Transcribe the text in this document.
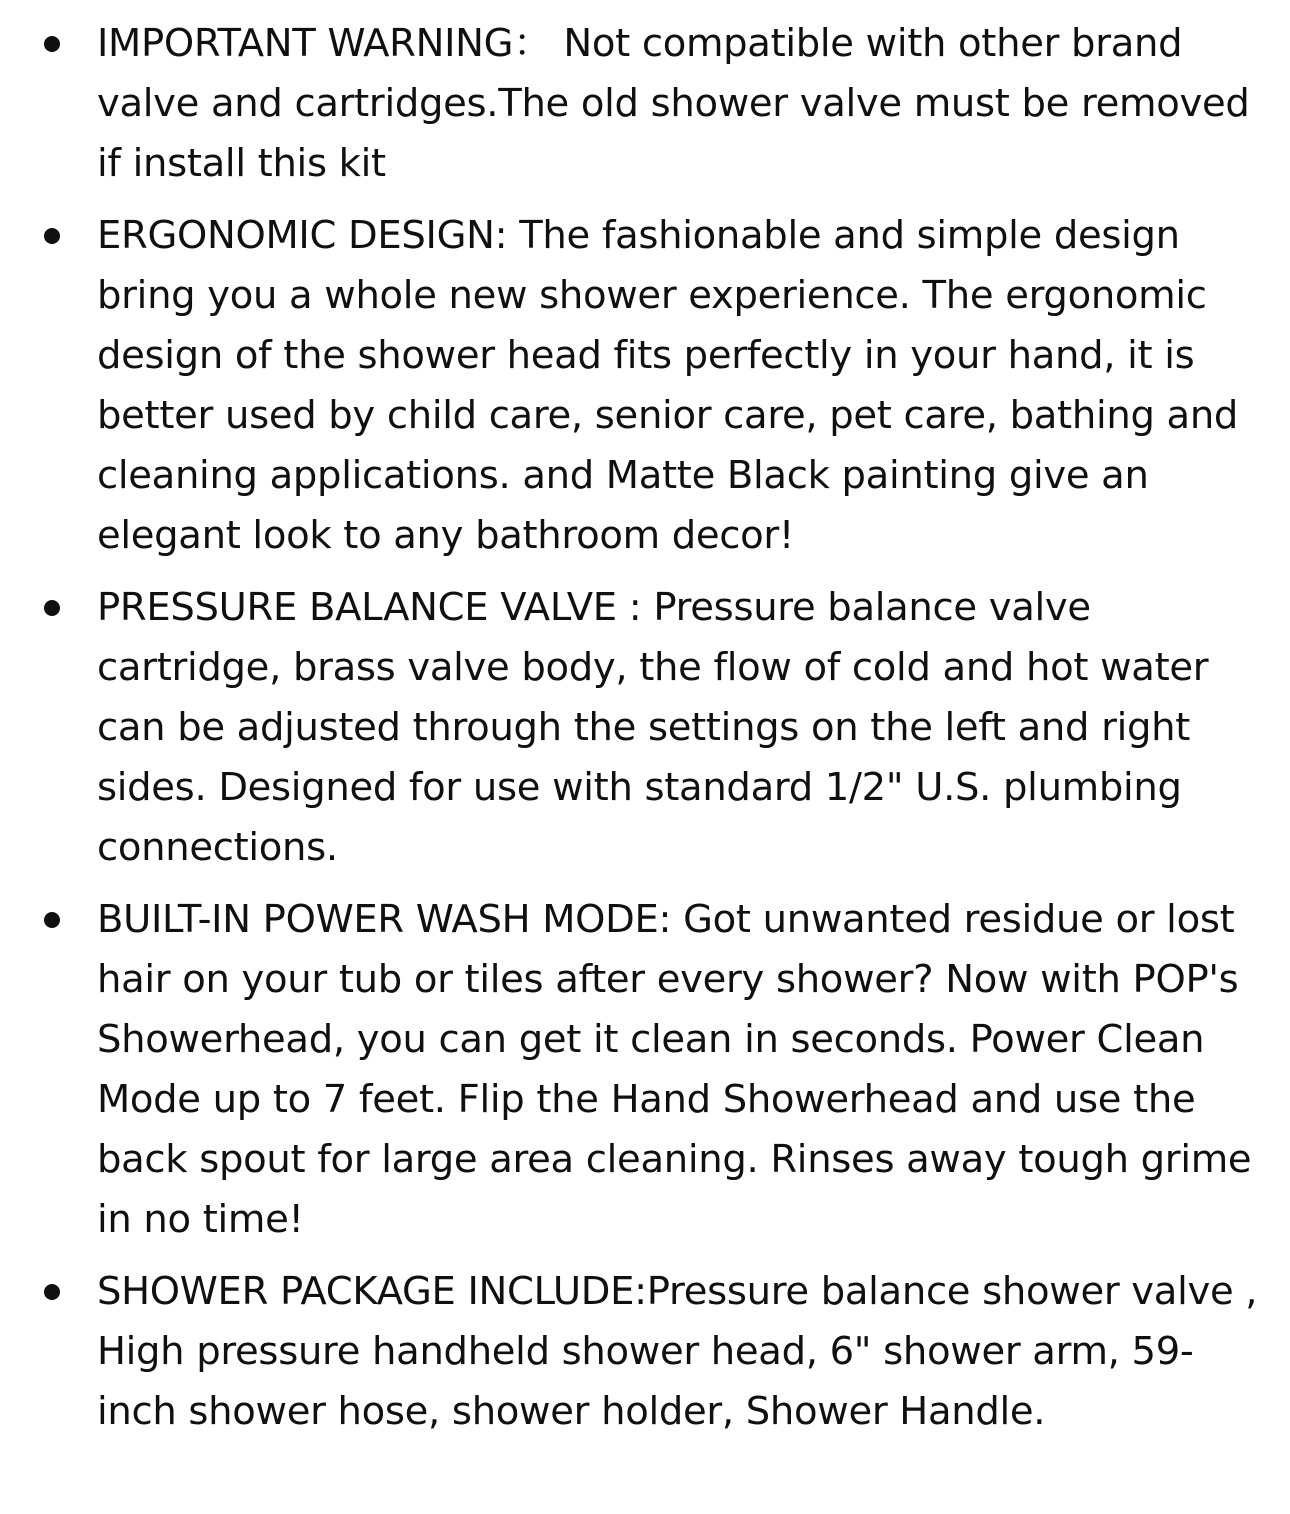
IMPORTANT WARNING： Not compatible with other brand valve and cartridges.The old shower valve must be removed if install this kit
ERGONOMIC DESIGN: The fashionable and simple design bring you a whole new shower experience. The ergonomic design of the shower head fits perfectly in your hand, it is better used by child care, senior care, pet care, bathing and cleaning applications. and Matte Black painting give an elegant look to any bathroom decor!
PRESSURE BALANCE VALVE : Pressure balance valve cartridge, brass valve body, the flow of cold and hot water can be adjusted through the settings on the left and right sides. Designed for use with standard 1/2" U.S. plumbing connections.
BUILT-IN POWER WASH MODE: Got unwanted residue or lost hair on your tub or tiles after every shower? Now with POP's Showerhead, you can get it clean in seconds. Power Clean Mode up to 7 feet. Flip the Hand Showerhead and use the back spout for large area cleaning. Rinses away tough grime in no time!
SHOWER PACKAGE INCLUDE:Pressure balance shower valve , High pressure handheld shower head, 6" shower arm, 59-inch shower hose, shower holder, Shower Handle.
